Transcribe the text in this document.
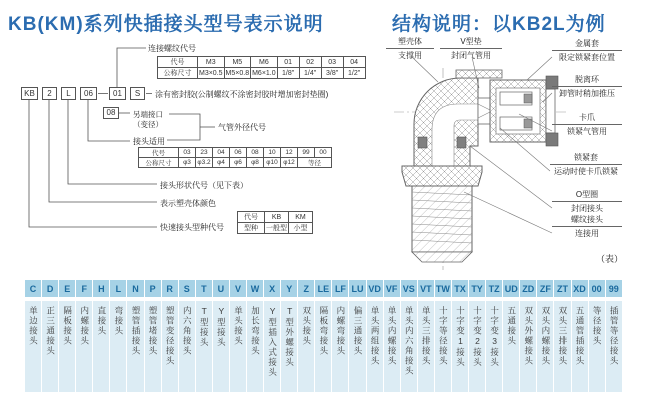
KB(KM)系列快插接头型号表示说明	结构说明：以KB2L为例
KB	2	L	06	01	S
08
连接螺纹代号
涂有密封胶(公制螺纹不涂密封胶时增加密封垫圈)
另端接口
（变径）	气管外径代号
接头适用
接头形状代号（见下表）
表示塑壳体颜色
快速接头型种代号
代号	M3	M5	M6	01	02	03	04
公称尺寸	M3×0.5	M5×0.8	M6×1.0	1/8"	1/4"	3/8"	1/2"
代号	03	23	04	06	08	10	12	99	00
公称尺寸	φ3	φ3.2	φ4	φ6	φ8	φ10	φ12	等径	
代号	KB	KM
型种	一般型	小型
塑壳体
支撑用
V型垫
封闭气管用
金属套
限定锁紧套位置
脱离环
卸管时稍加推压
卡爪
锁紧气管用
锁紧套
运动时使卡爪锁紧
O型圈
封闭接头
螺纹接头
连接用
（表）
C
单边接头
D
正三通接头
E
隔板接头
F
内螺接头
H
直接头
L
弯接头
N
塑管插接头
P
塑管堵接头
R
塑管变径接头
S
内六角接头
T
T型接头
U
Y型接头
V
单头接头
W
加长弯接头
X
Y型插入式接头
Y
T型外螺接头
Z
双头接头
LE
隔板弯接头
LF
内螺弯接头
LU
偏三通接头
VD
单头两组接头
VF
单头内螺接头
VS
单头内六角接头
VT
单头三排接头
TW
十字等径接头
TX
十字变1接头
TY
十字变2接头
TZ
十字变3接头
UD
五通接头
ZD
双头外螺接头
ZF
双头内螺接头
ZT
双头三排接头
XD
五通管插接头
00
等径接头
99
插管等径接头
